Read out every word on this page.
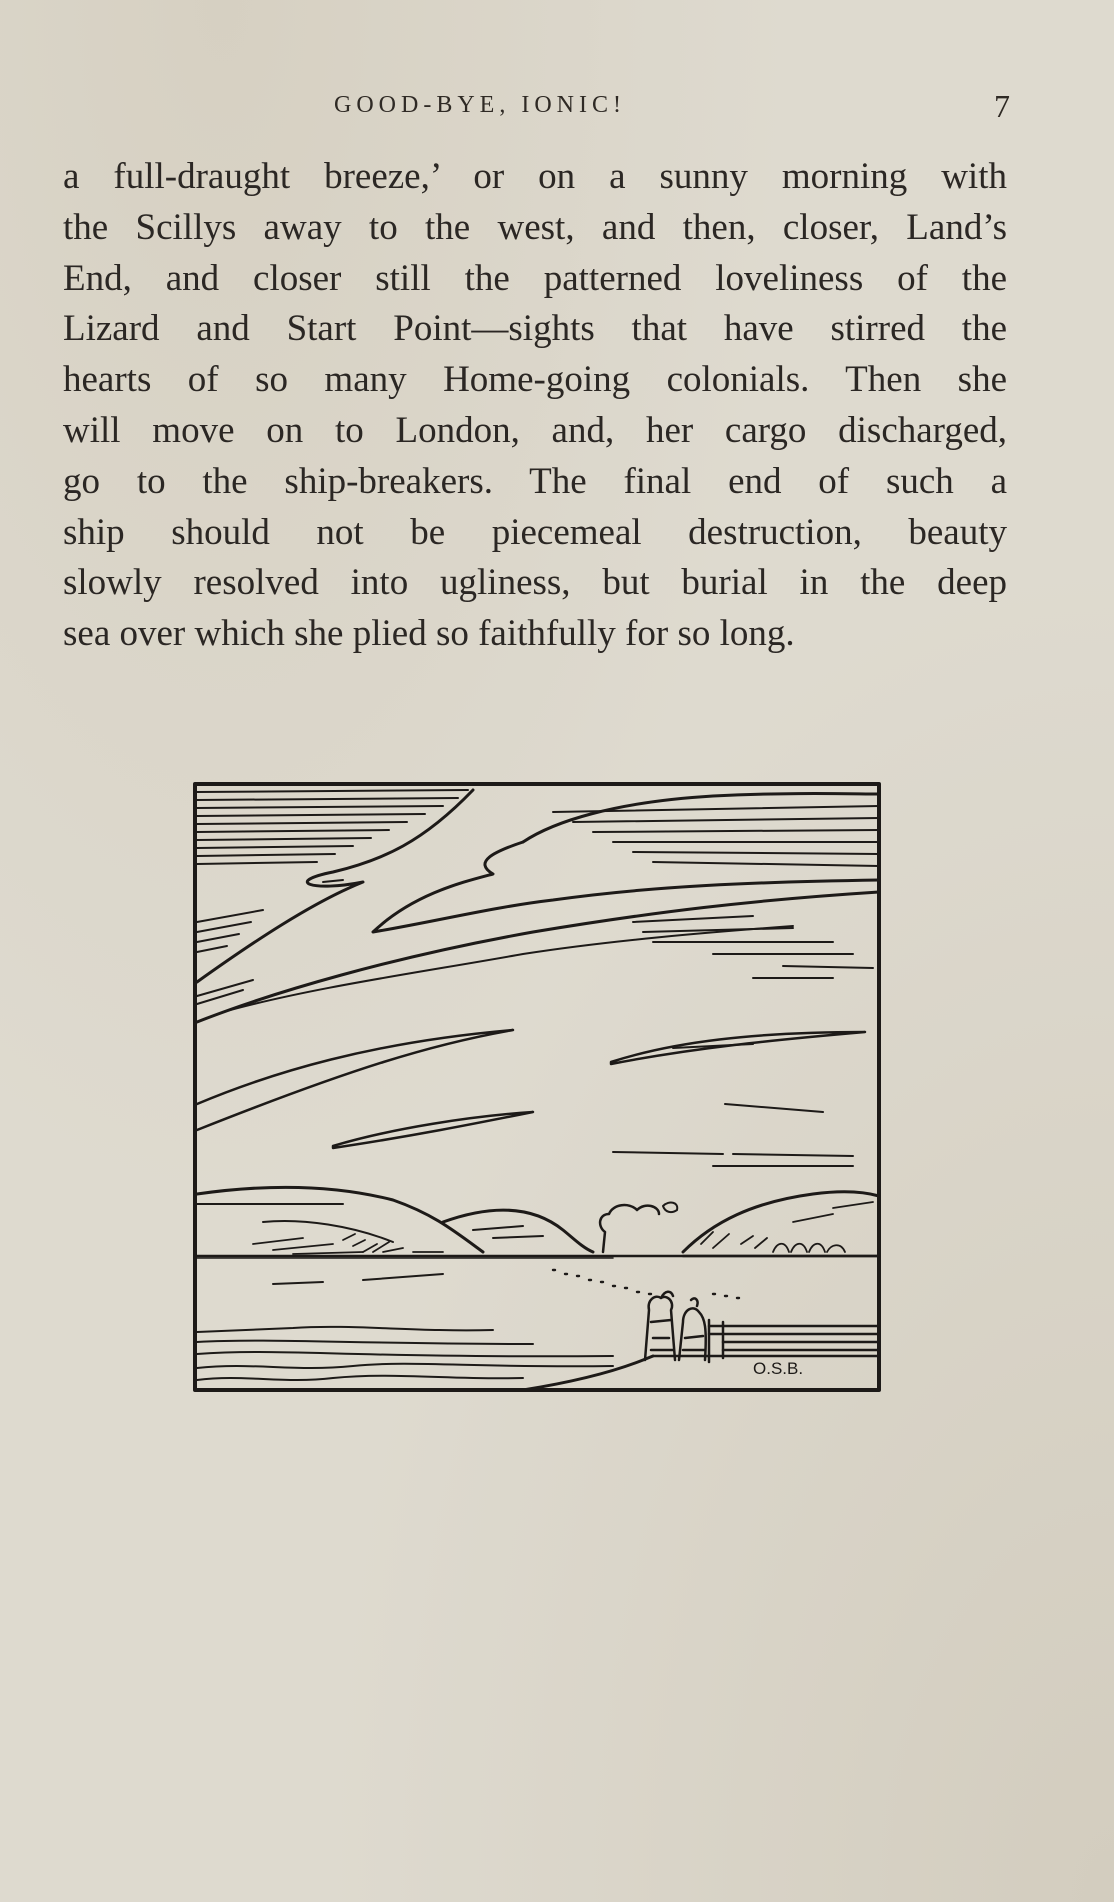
GOOD-BYE, IONIC!	7
a full-draught breeze,’ or on a sunny morning with
the Scillys away to the west, and then, closer, Land’s
End, and closer still the patterned loveliness of the
Lizard and Start Point—sights that have stirred the
hearts of so many Home-going colonials. Then she
will move on to London, and, her cargo discharged,
go to the ship-breakers. The final end of such a
ship should not be piecemeal destruction, beauty
slowly resolved into ugliness, but burial in the deep
sea over which she plied so faithfully for so long.
O.S.B.
